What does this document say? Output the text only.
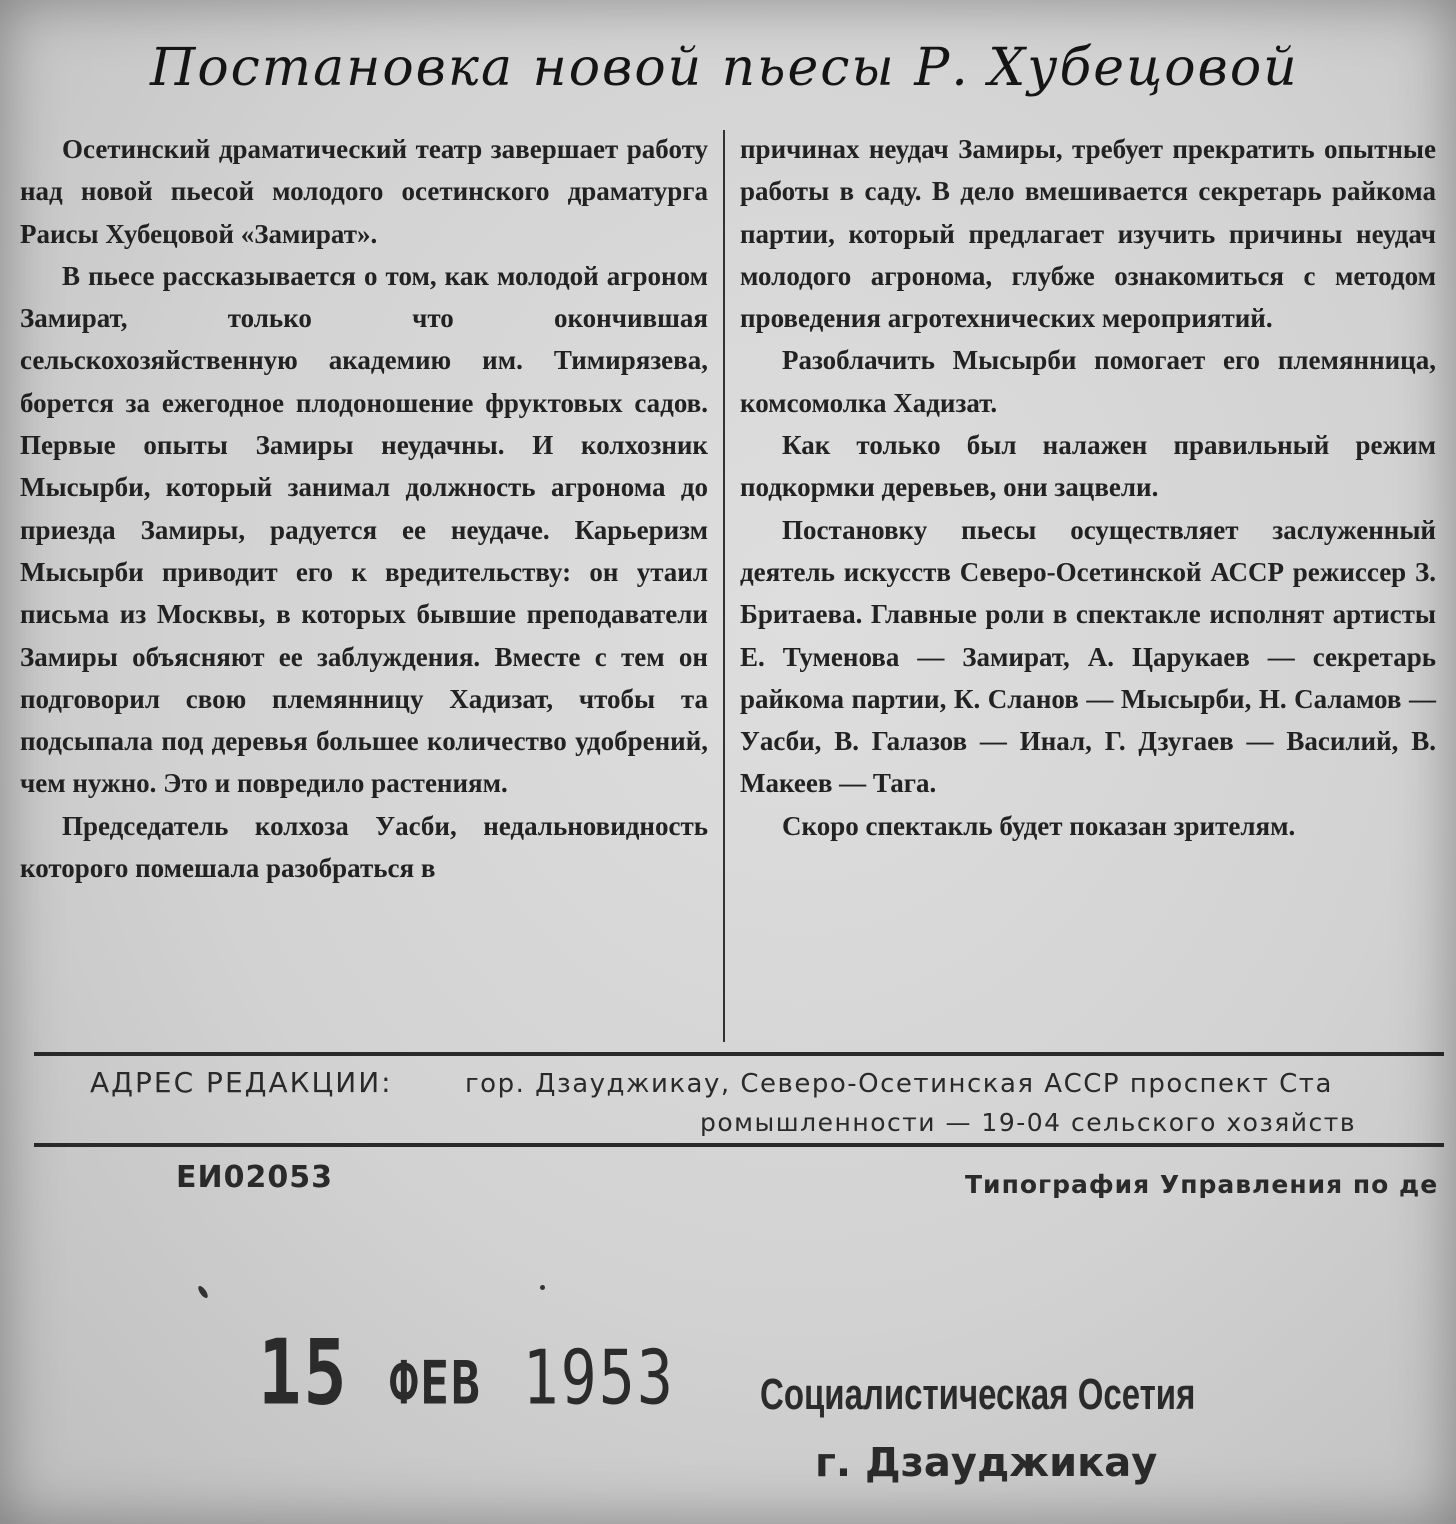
Постановка новой пьесы Р. Хубецовой

Осетинский драматический театр завершает работу над новой пьесой молодого осетинского драматурга Раисы Хубецовой «Замират».

В пьесе рассказывается о том, как молодой агроном Замират, только что окончившая сельскохозяйственную академию им. Тимирязева, борется за ежегодное плодоношение фруктовых садов. Первые опыты Замиры неудачны. И колхозник Мысырби, который занимал должность агронома до приезда Замиры, радуется ее неудаче. Карьеризм Мысырби приводит его к вредительству: он утаил письма из Москвы, в которых бывшие преподаватели Замиры объясняют ее заблуждения. Вместе с тем он подговорил свою племянницу Хадизат, чтобы та подсыпала под деревья большее количество удобрений, чем нужно. Это и повредило растениям.

Председатель колхоза Уасби, недальновидность которого помешала разобраться в

причинах неудач Замиры, требует прекратить опытные работы в саду. В дело вмешивается секретарь райкома партии, который предлагает изучить причины неудач молодого агронома, глубже ознакомиться с методом проведения агротехнических мероприятий.

Разоблачить Мысырби помогает его племянница, комсомолка Хадизат.

Как только был налажен правильный режим подкормки деревьев, они зацвели.

Постановку пьесы осуществляет заслуженный деятель искусств Северо-Осетинской АССР режиссер З. Бритаева. Главные роли в спектакле исполнят артисты Е. Туменова — Замират, А. Царукаев — секретарь райкома партии, К. Сланов — Мысырби, Н. Саламов — Уасби, В. Галазов — Инал, Г. Дзугаев — Василий, В. Макеев — Тага.

Скоро спектакль будет показан зрителям.

АДРЕС РЕДАКЦИИ:	гор. Дзауджикау, Северо-Осетинская АССР проспект Ста
ромышленности — 19-04 сельского хозяйств
ЕИ02053	Типография Управления по де
15 ФЕВ 1953 Социалистическая Осетия
г. Дзауджикау
